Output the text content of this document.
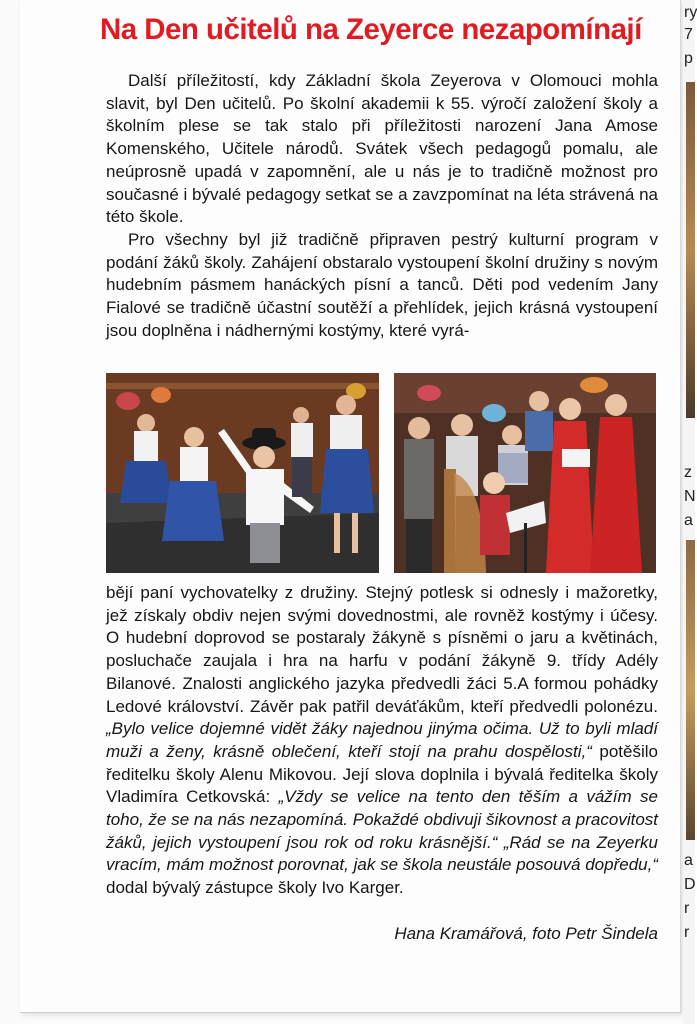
Na Den učitelů na Zeyerce nezapomínají

Další příležitostí, kdy Základní škola Zeyerova v Olomouci mohla slavit, byl Den učitelů. Po školní akademii k 55. výročí založení školy a školním plese se tak stalo při příležitosti narození Jana Amose Komenského, Učitele národů. Svátek všech pedagogů pomalu, ale neúprosně upadá v zapomnění, ale u nás je to tradičně možnost pro současné i bývalé pedagogy setkat se a zavzpomínat na léta strávená na této škole.

Pro všechny byl již tradičně připraven pestrý kulturní program v podání žáků školy. Zahájení obstaralo vystoupení školní družiny s novým hudebním pásmem hanáckých písní a tanců. Děti pod vedením Jany Fialové se tradičně účastní soutěží a přehlídek, jejich krásná vystoupení jsou doplněna i nádhernými kostýmy, které vyrá-

bějí paní vychovatelky z družiny. Stejný potlesk si odnesly i mažoretky, jež získaly obdiv nejen svými dovednostmi, ale rovněž kostýmy i účesy. O hudební doprovod se postaraly žákyně s písněmi o jaru a květinách, posluchače zaujala i hra na harfu v podání žákyně 9. třídy Adély Bilanové. Znalosti anglického jazyka předvedli žáci 5.A formou pohádky Ledové království. Závěr pak patřil deváťákům, kteří předvedli polonézu. „Bylo velice dojemné vidět žáky najednou jinýma očima. Už to byli mladí muži a ženy, krásně oblečení, kteří stojí na prahu dospělosti,“ potěšilo ředitelku školy Alenu Mikovou. Její slova doplnila i bývalá ředitelka školy Vladimíra Cetkovská: „Vždy se velice na tento den těším a vážím se toho, že se na nás nezapomíná. Pokaždé obdivuji šikovnost a pracovitost žáků, jejich vystoupení jsou rok od roku krásnější.“ „Rád se na Zeyerku vracím, mám možnost porovnat, jak se škola neustále posouvá dopředu,“ dodal bývalý zástupce školy Ivo Karger.

Hana Kramářová, foto Petr Šindela
ry
7
p
z
N
a
a
D
r
r
